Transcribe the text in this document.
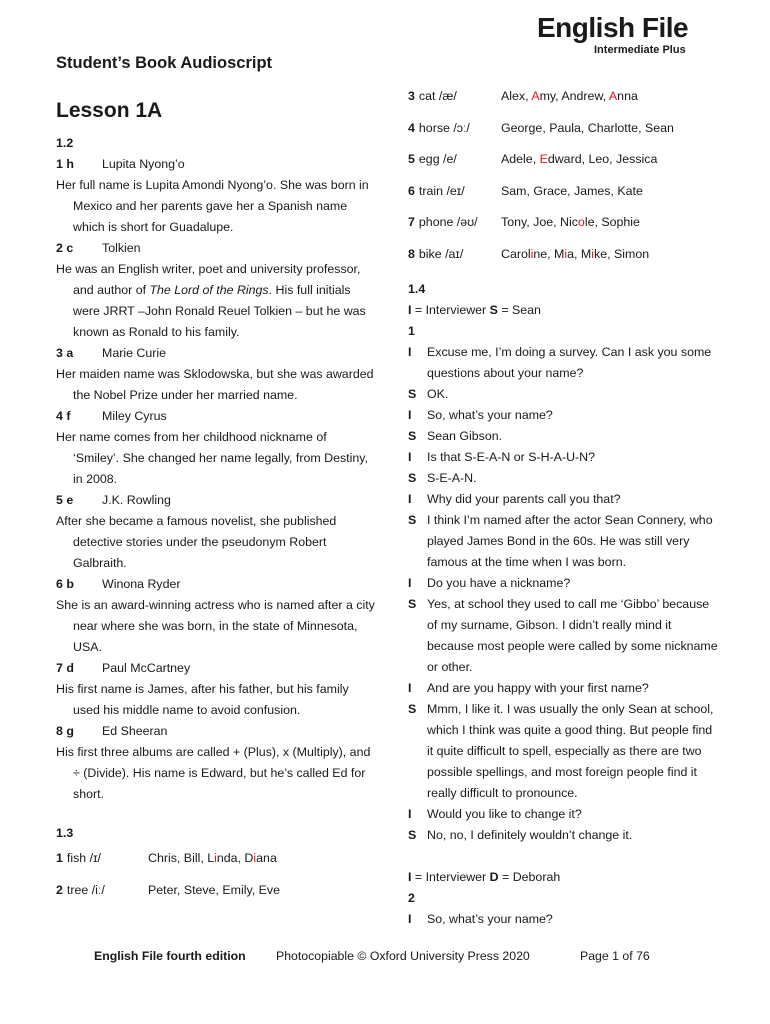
English File
Intermediate Plus
Student’s Book Audioscript
Lesson 1A
1.2
1 h	Lupita Nyong’o
Her full name is Lupita Amondi Nyong’o. She was born in Mexico and her parents gave her a Spanish name which is short for Guadalupe.
2 c	Tolkien
He was an English writer, poet and university professor, and author of The Lord of the Rings. His full initials were JRRT –John Ronald Reuel Tolkien – but he was known as Ronald to his family.
3 a	Marie Curie
Her maiden name was Sklodowska, but she was awarded the Nobel Prize under her married name.
4 f	Miley Cyrus
Her name comes from her childhood nickname of ‘Smiley’. She changed her name legally, from Destiny, in 2008.
5 e	J.K. Rowling
After she became a famous novelist, she published detective stories under the pseudonym Robert Galbraith.
6 b	Winona Ryder
She is an award-winning actress who is named after a city near where she was born, in the state of Minnesota, USA.
7 d	Paul McCartney
His first name is James, after his father, but his family used his middle name to avoid confusion.
8 g	Ed Sheeran
His first three albums are called + (Plus), x (Multiply), and ÷ (Divide). His name is Edward, but he’s called Ed for short.
1.3
1 fish /ɪ/	Chris, Bill, Linda, Diana
2 tree /iː/	Peter, Steve, Emily, Eve
3 cat /æ/	Alex, Amy, Andrew, Anna
4 horse /ɔː/	George, Paula, Charlotte, Sean
5 egg /e/	Adele, Edward, Leo, Jessica
6 train /eɪ/	Sam, Grace, James, Kate
7 phone /əʊ/	Tony, Joe, Nicole, Sophie
8 bike /aɪ/	Caroline, Mia, Mike, Simon
1.4
I = Interviewer S = Sean
1
I	Excuse me, I’m doing a survey. Can I ask you some questions about your name?
S OK.
I	So, what’s your name?
S Sean Gibson.
I	Is that S-E-A-N or S-H-A-U-N?
S S-E-A-N.
I	Why did your parents call you that?
S I think I’m named after the actor Sean Connery, who played James Bond in the 60s. He was still very famous at the time when I was born.
I	Do you have a nickname?
S Yes, at school they used to call me ‘Gibbo’ because of my surname, Gibson. I didn’t really mind it because most people were called by some nickname or other.
I	And are you happy with your first name?
S Mmm, I like it. I was usually the only Sean at school, which I think was quite a good thing. But people find it quite difficult to spell, especially as there are two possible spellings, and most foreign people find it really difficult to pronounce.
I	Would you like to change it?
S No, no, I definitely wouldn’t change it.
I = Interviewer D = Deborah
2
I	So, what’s your name?
English File fourth edition Photocopiable © Oxford University Press 2020	Page 1 of 76
